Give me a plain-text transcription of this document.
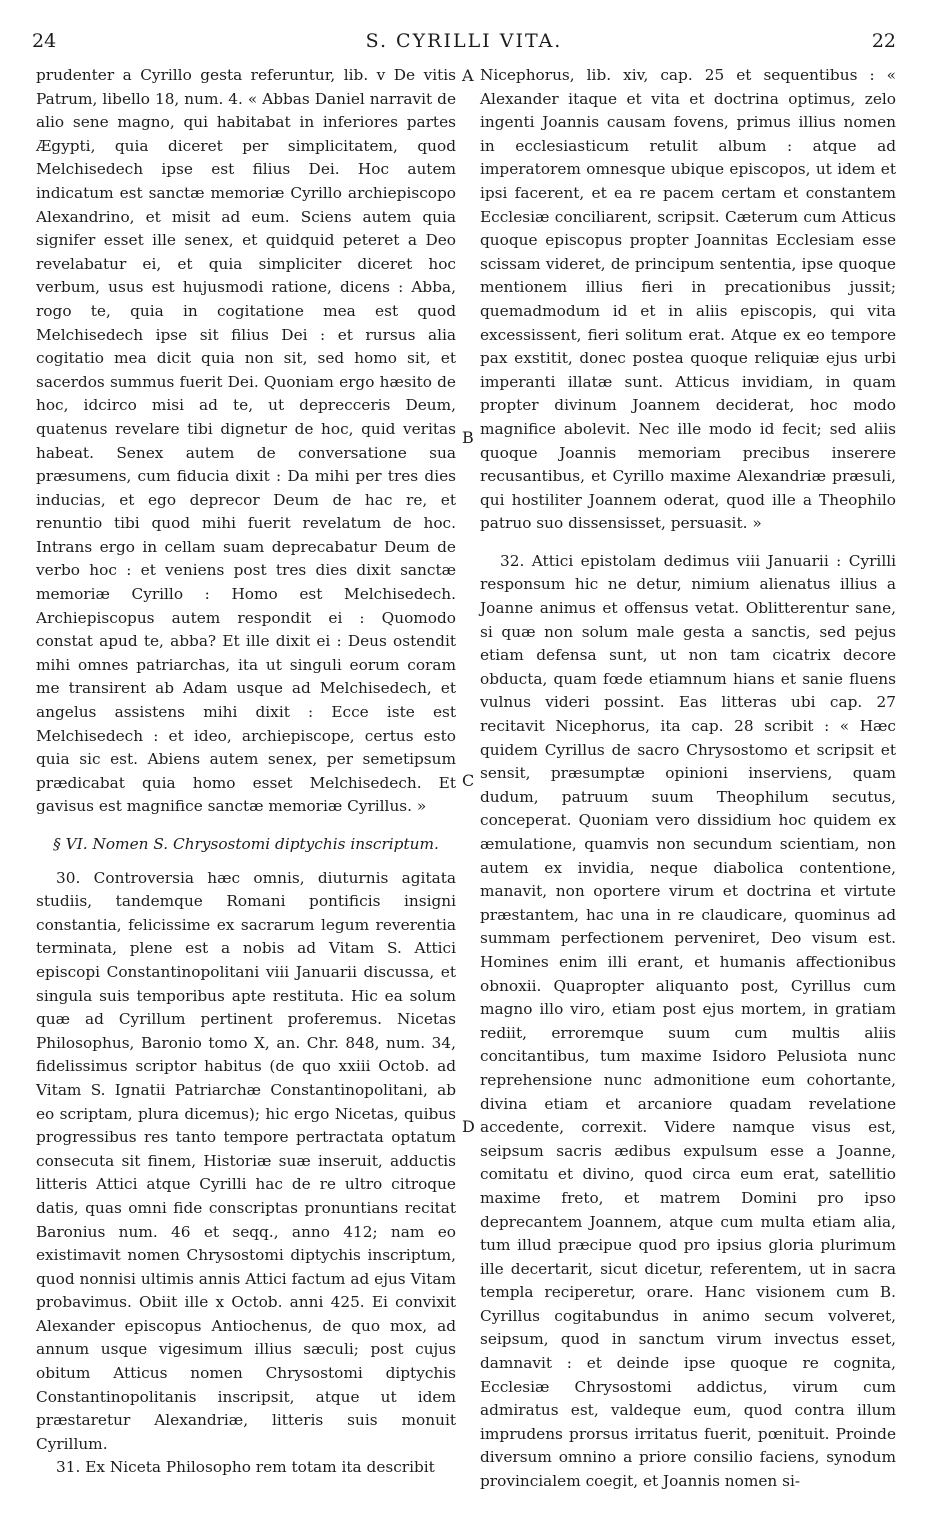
24	S. CYRILLI VITA.	22

prudenter a Cyrillo gesta referuntur, lib. v De vitis Patrum, libello 18, num. 4. « Abbas Daniel narravit de alio sene magno, qui habitabat in inferiores partes Ægypti, quia diceret per simplicitatem, quod Melchisedech ipse est filius Dei. Hoc autem indicatum est sanctæ memoriæ Cyrillo archiepiscopo Alexandrino, et misit ad eum. Sciens autem quia signifer esset ille senex, et quidquid peteret a Deo revelabatur ei, et quia simpliciter diceret hoc verbum, usus est hujusmodi ratione, dicens : Abba, rogo te, quia in cogitatione mea est quod Melchisedech ipse sit filius Dei : et rursus alia cogitatio mea dicit quia non sit, sed homo sit, et sacerdos summus fuerit Dei. Quoniam ergo hæsito de hoc, idcirco misi ad te, ut deprecceris Deum, quatenus revelare tibi dignetur de hoc, quid veritas habeat. Senex autem de conversatione sua præsumens, cum fiducia dixit : Da mihi per tres dies inducias, et ego deprecor Deum de hac re, et renuntio tibi quod mihi fuerit revelatum de hoc. Intrans ergo in cellam suam deprecabatur Deum de verbo hoc : et veniens post tres dies dixit sanctæ memoriæ Cyrillo : Homo est Melchisedech. Archiepiscopus autem respondit ei : Quomodo constat apud te, abba? Et ille dixit ei : Deus ostendit mihi omnes patriarchas, ita ut singuli eorum coram me transirent ab Adam usque ad Melchisedech, et angelus assistens mihi dixit : Ecce iste est Melchisedech : et ideo, archiepiscope, certus esto quia sic est. Abiens autem senex, per semetipsum prædicabat quia homo esset Melchisedech. Et gavisus est magnifice sanctæ memoriæ Cyrillus. »

§ VI. Nomen S. Chrysostomi diptychis inscriptum.

30. Controversia hæc omnis, diuturnis agitata studiis, tandemque Romani pontificis insigni constantia, felicissime ex sacrarum legum reverentia terminata, plene est a nobis ad Vitam S. Attici episcopi Constantinopolitani viii Januarii discussa, et singula suis temporibus apte restituta. Hic ea solum quæ ad Cyrillum pertinent proferemus. Nicetas Philosophus, Baronio tomo X, an. Chr. 848, num. 34, fidelissimus scriptor habitus (de quo xxiii Octob. ad Vitam S. Ignatii Patriarchæ Constantinopolitani, ab eo scriptam, plura dicemus); hic ergo Nicetas, quibus progressibus res tanto tempore pertractata optatum consecuta sit finem, Historiæ suæ inseruit, adductis litteris Attici atque Cyrilli hac de re ultro citroque datis, quas omni fide conscriptas pronuntians recitat Baronius num. 46 et seqq., anno 412; nam eo existimavit nomen Chrysostomi diptychis inscriptum, quod nonnisi ultimis annis Attici factum ad ejus Vitam probavimus. Obiit ille x Octob. anni 425. Ei convixit Alexander episcopus Antiochenus, de quo mox, ad annum usque vigesimum illius sæculi; post cujus obitum Atticus nomen Chrysostomi diptychis Constantinopolitanis inscripsit, atque ut idem præstaretur Alexandriæ, litteris suis monuit Cyrillum.

31. Ex Niceta Philosopho rem totam ita describit

Nicephorus, lib. xiv, cap. 25 et sequentibus : « Alexander itaque et vita et doctrina optimus, zelo ingenti Joannis causam fovens, primus illius nomen in ecclesiasticum retulit album : atque ad imperatorem omnesque ubique episcopos, ut idem et ipsi facerent, et ea re pacem certam et constantem Ecclesiæ conciliarent, scripsit. Cæterum cum Atticus quoque episcopus propter Joannitas Ecclesiam esse scissam videret, de principum sententia, ipse quoque mentionem illius fieri in precationibus jussit; quemadmodum id et in aliis episcopis, qui vita excessissent, fieri solitum erat. Atque ex eo tempore pax exstitit, donec postea quoque reliquiæ ejus urbi imperanti illatæ sunt. Atticus invidiam, in quam propter divinum Joannem deciderat, hoc modo magnifice abolevit. Nec ille modo id fecit; sed aliis quoque Joannis memoriam precibus inserere recusantibus, et Cyrillo maxime Alexandriæ præsuli, qui hostiliter Joannem oderat, quod ille a Theophilo patruo suo dissensisset, persuasit. »

32. Attici epistolam dedimus viii Januarii : Cyrilli responsum hic ne detur, nimium alienatus illius a Joanne animus et offensus vetat. Oblitterentur sane, si quæ non solum male gesta a sanctis, sed pejus etiam defensa sunt, ut non tam cicatrix decore obducta, quam fœde etiamnum hians et sanie fluens vulnus videri possint. Eas litteras ubi cap. 27 recitavit Nicephorus, ita cap. 28 scribit : « Hæc quidem Cyrillus de sacro Chrysostomo et scripsit et sensit, præsumptæ opinioni inserviens, quam dudum, patruum suum Theophilum secutus, conceperat. Quoniam vero dissidium hoc quidem ex æmulatione, quamvis non secundum scientiam, non autem ex invidia, neque diabolica contentione, manavit, non oportere virum et doctrina et virtute præstantem, hac una in re claudicare, quominus ad summam perfectionem perveniret, Deo visum est. Homines enim illi erant, et humanis affectionibus obnoxii. Quapropter aliquanto post, Cyrillus cum magno illo viro, etiam post ejus mortem, in gratiam rediit, erroremque suum cum multis aliis concitantibus, tum maxime Isidoro Pelusiota nunc reprehensione nunc admonitione eum cohortante, divina etiam et arcaniore quadam revelatione accedente, correxit. Videre namque visus est, seipsum sacris ædibus expulsum esse a Joanne, comitatu et divino, quod circa eum erat, satellitio maxime freto, et matrem Domini pro ipso deprecantem Joannem, atque cum multa etiam alia, tum illud præcipue quod pro ipsius gloria plurimum ille decertarit, sicut dicetur, referentem, ut in sacra templa reciperetur, orare. Hanc visionem cum B. Cyrillus cogitabundus in animo secum volveret, seipsum, quod in sanctum virum invectus esset, damnavit : et deinde ipse quoque re cognita, Ecclesiæ Chrysostomi addictus, virum cum admiratus est, valdeque eum, quod contra illum imprudens prorsus irritatus fuerit, pœnituit. Proinde diversum omnino a priore consilio faciens, synodum provincialem coegit, et Joannis nomen si-

A
B
C
D
